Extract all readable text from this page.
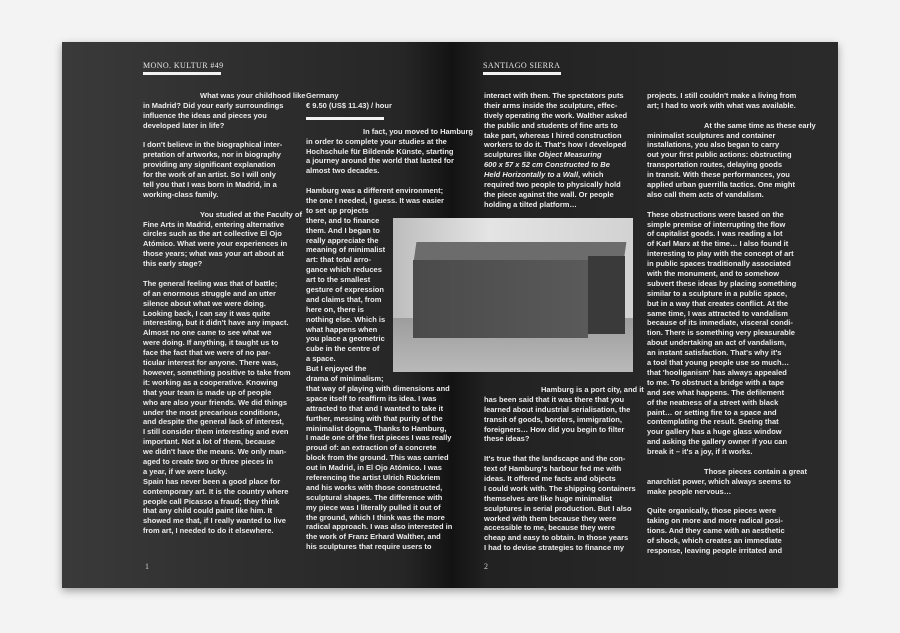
MONO. KULTUR #49
1
SANTIAGO SIERRA
2
What was your childhood like
in Madrid? Did your early surroundings
influence the ideas and pieces you
developed later in life?
I don't believe in the biographical inter-
pretation of artworks, nor in biography
providing any significant explanation
for the work of an artist. So I will only
tell you that I was born in Madrid, in a
working-class family.
You studied at the Faculty of
Fine Arts in Madrid, entering alternative
circles such as the art collective El Ojo
Atómico. What were your experiences in
those years; what was your art about at
this early stage?
The general feeling was that of battle;
of an enormous struggle and an utter
silence about what we were doing.
Looking back, I can say it was quite
interesting, but it didn't have any impact.
Almost no one came to see what we
were doing. If anything, it taught us to
face the fact that we were of no par-
ticular interest for anyone. There was,
however, something positive to take from
it: working as a cooperative. Knowing
that your team is made up of people
who are also your friends. We did things
under the most precarious conditions,
and despite the general lack of interest,
I still consider them interesting and even
important. Not a lot of them, because
we didn't have the means. We only man-
aged to create two or three pieces in
a year, if we were lucky.
Spain has never been a good place for
contemporary art. It is the country where
people call Picasso a fraud; they think
that any child could paint like him. It
showed me that, if I really wanted to live
from art, I needed to do it elsewhere.
Germany
€ 9.50 (US$ 11.43) / hour
In fact, you moved to Hamburg
in order to complete your studies at the
Hochschule für Bildende Künste, starting
a journey around the world that lasted for
almost two decades.
Hamburg was a different environment;
the one I needed, I guess. It was easier
to set up projects
there, and to finance
them. And I began to
really appreciate the
meaning of minimalist
art: that total arro-
gance which reduces
art to the smallest
gesture of expression
and claims that, from
here on, there is
nothing else. Which is
what happens when
you place a geometric
cube in the centre of
a space.
But I enjoyed the
drama of minimalism;
that way of playing with dimensions and
space itself to reaffirm its idea. I was
attracted to that and I wanted to take it
further, messing with that purity of the
minimalist dogma. Thanks to Hamburg,
I made one of the first pieces I was really
proud of: an extraction of a concrete
block from the ground. This was carried
out in Madrid, in El Ojo Atómico. I was
referencing the artist Ulrich Rückriem
and his works with those constructed,
sculptural shapes. The difference with
my piece was I literally pulled it out of
the ground, which I think was the more
radical approach. I was also interested in
the work of Franz Erhard Walther, and
his sculptures that require users to
interact with them. The spectators puts
their arms inside the sculpture, effec-
tively operating the work. Walther asked
the public and students of fine arts to
take part, whereas I hired construction
workers to do it. That's how I developed
sculptures like Object Measuring
600 x 57 x 52 cm Constructed to Be
Held Horizontally to a Wall, which
required two people to physically hold
the piece against the wall. Or people
holding a tilted platform…
Hamburg is a port city, and it
has been said that it was there that you
learned about industrial serialisation, the
transit of goods, borders, immigration,
foreigners… How did you begin to filter
these ideas?
It's true that the landscape and the con-
text of Hamburg's harbour fed me with
ideas. It offered me facts and objects
I could work with. The shipping containers
themselves are like huge minimalist
sculptures in serial production. But I also
worked with them because they were
accessible to me, because they were
cheap and easy to obtain. In those years
I had to devise strategies to finance my
projects. I still couldn't make a living from
art; I had to work with what was available.
At the same time as these early
minimalist sculptures and container
installations, you also began to carry
out your first public actions: obstructing
transportation routes, delaying goods
in transit. With these performances, you
applied urban guerrilla tactics. One might
also call them acts of vandalism.
These obstructions were based on the
simple premise of interrupting the flow
of capitalist goods. I was reading a lot
of Karl Marx at the time… I also found it
interesting to play with the concept of art
in public spaces traditionally associated
with the monument, and to somehow
subvert these ideas by placing something
similar to a sculpture in a public space,
but in a way that creates conflict. At the
same time, I was attracted to vandalism
because of its immediate, visceral condi-
tion. There is something very pleasurable
about undertaking an act of vandalism,
an instant satisfaction. That's why it's
a tool that young people use so much…
that 'hooliganism' has always appealed
to me. To obstruct a bridge with a tape
and see what happens. The defilement
of the neatness of a street with black
paint… or setting fire to a space and
contemplating the result. Seeing that
your gallery has a huge glass window
and asking the gallery owner if you can
break it – it's a joy, if it works.
Those pieces contain a great
anarchist power, which always seems to
make people nervous…
Quite organically, those pieces were
taking on more and more radical posi-
tions. And they came with an aesthetic
of shock, which creates an immediate
response, leaving people irritated and
